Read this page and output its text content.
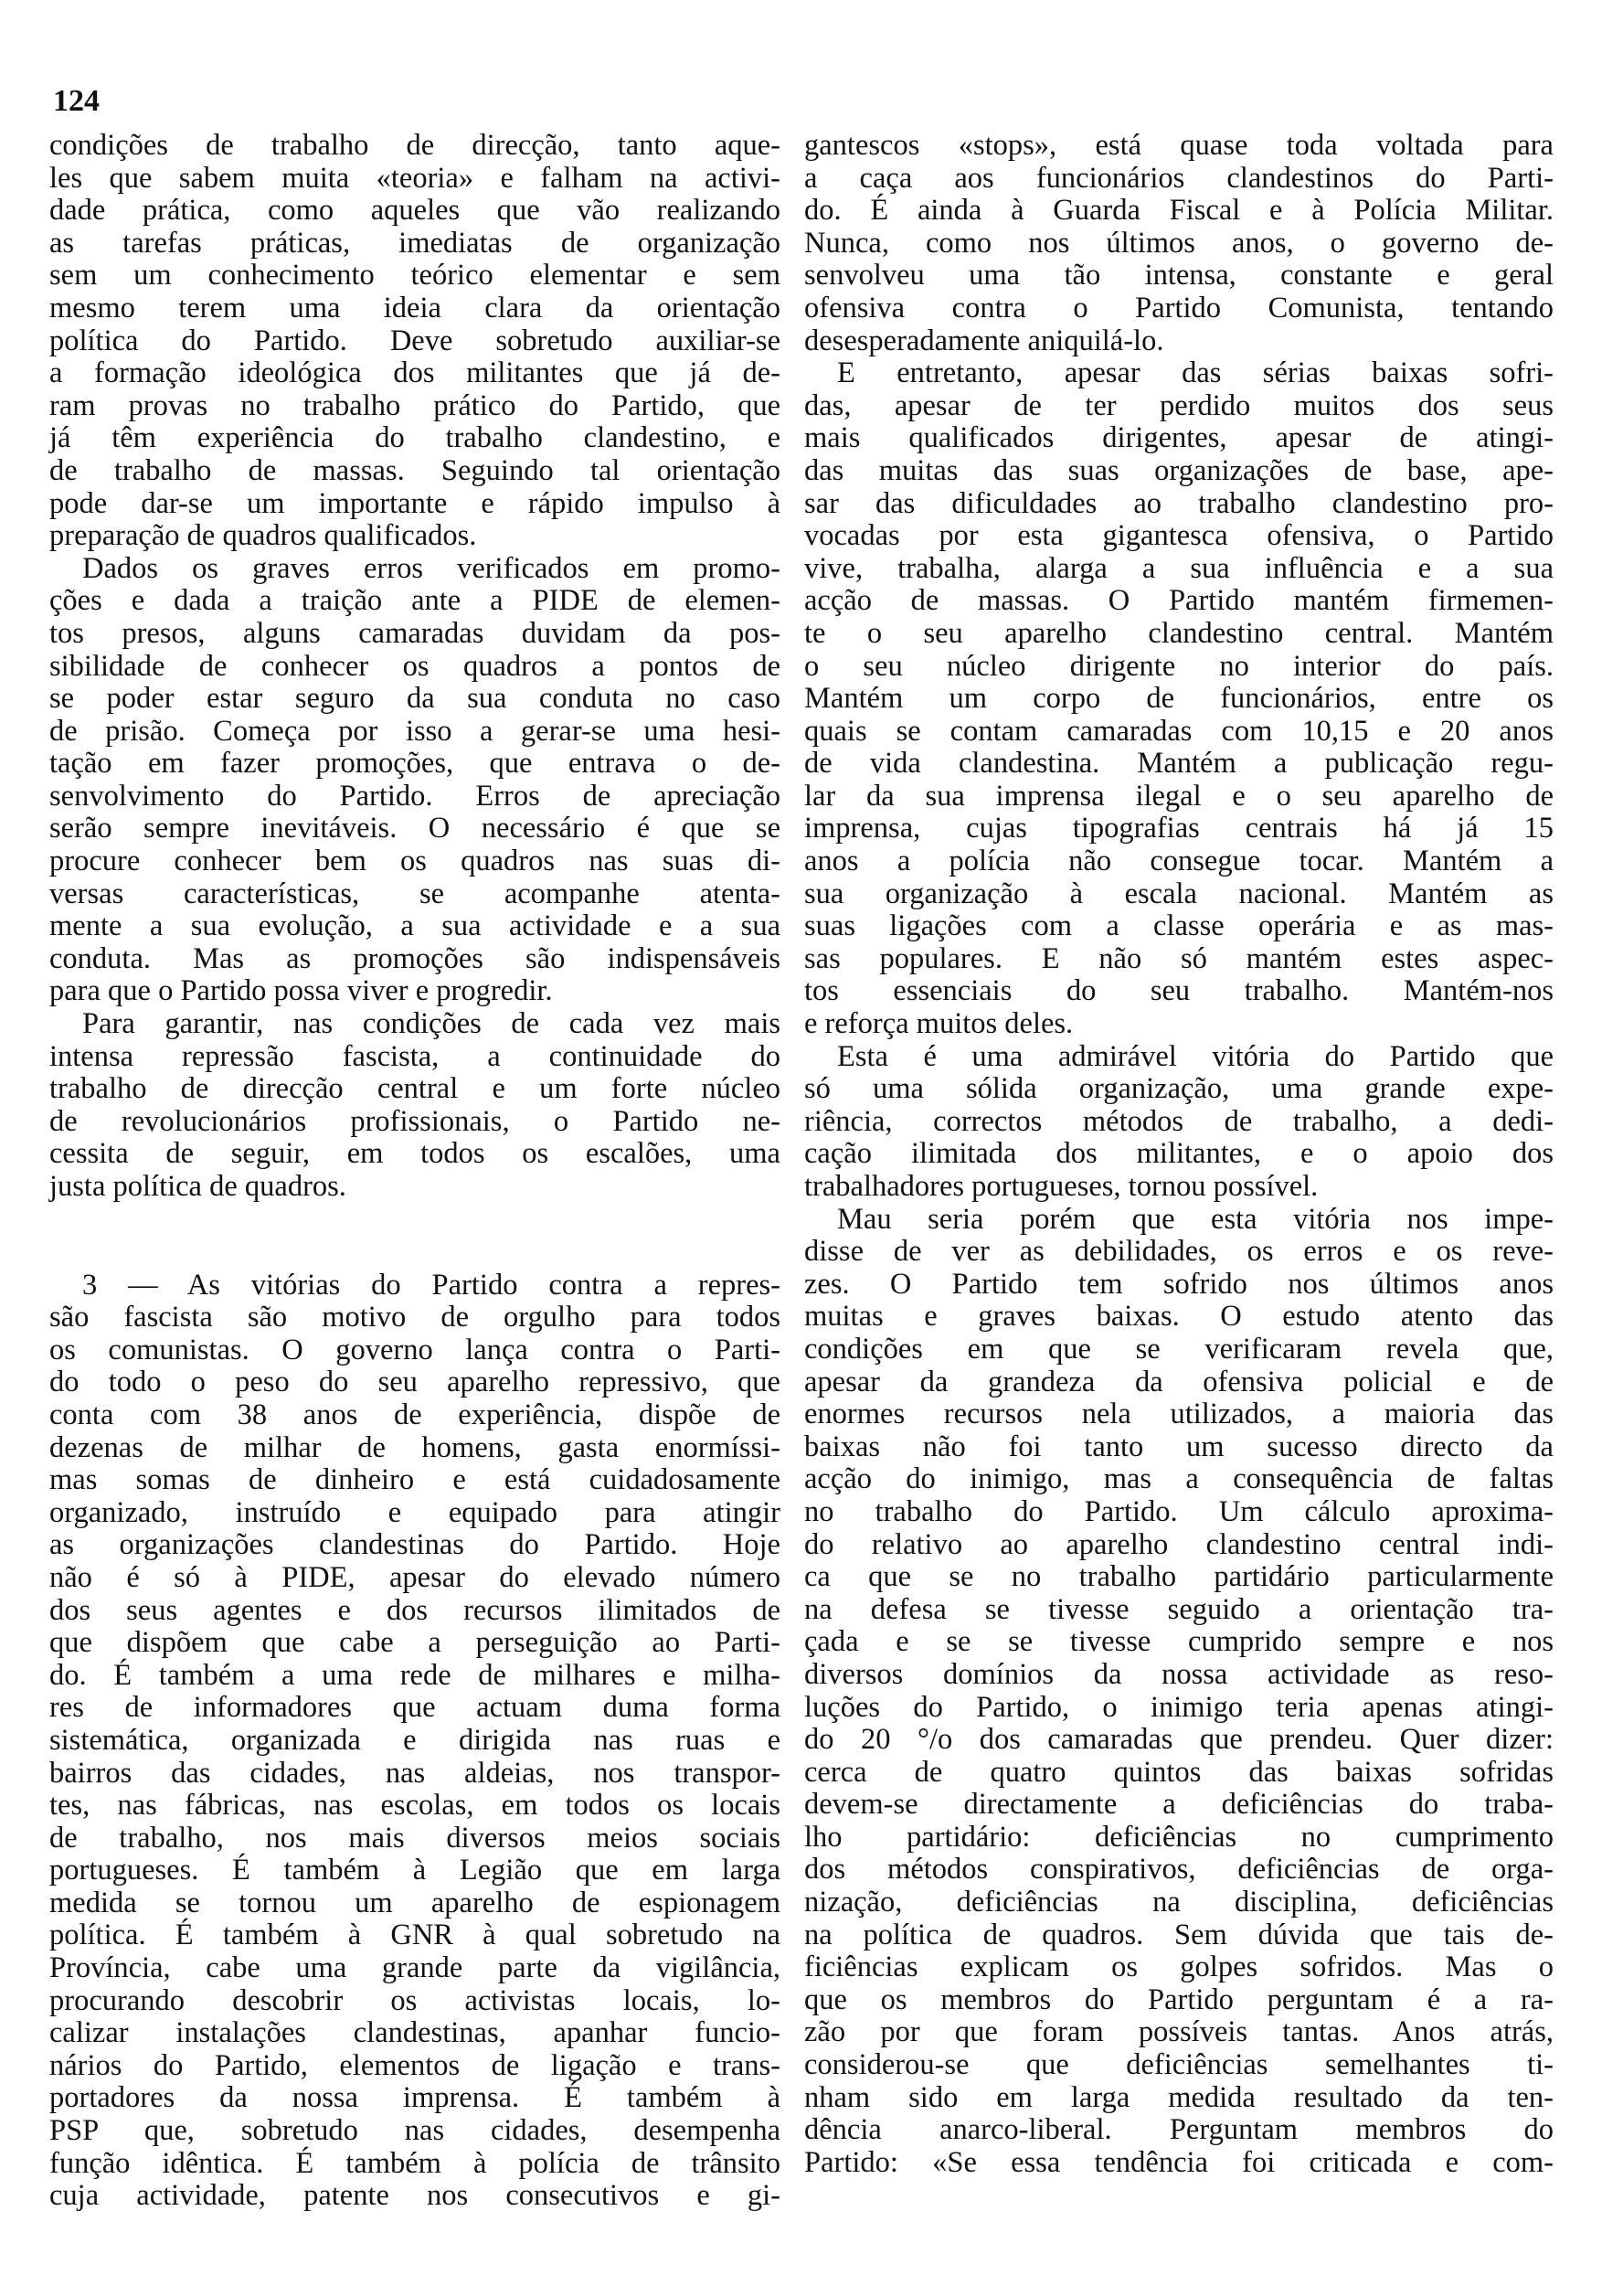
124
condições de trabalho de direcção, tanto aque-
les que sabem muita «teoria» e falham na activi-
dade prática, como aqueles que vão realizando
as tarefas práticas, imediatas de organização
sem um conhecimento teórico elementar e sem
mesmo terem uma ideia clara da orientação
política do Partido. Deve sobretudo auxiliar-se
a formação ideológica dos militantes que já de-
ram provas no trabalho prático do Partido, que
já têm experiência do trabalho clandestino, e
de trabalho de massas. Seguindo tal orientação
pode dar-se um importante e rápido impulso à
preparação de quadros qualificados.
Dados os graves erros verificados em promo-
ções e dada a traição ante a PIDE de elemen-
tos presos, alguns camaradas duvidam da pos-
sibilidade de conhecer os quadros a pontos de
se poder estar seguro da sua conduta no caso
de prisão. Começa por isso a gerar-se uma hesi-
tação em fazer promoções, que entrava o de-
senvolvimento do Partido. Erros de apreciação
serão sempre inevitáveis. O necessário é que se
procure conhecer bem os quadros nas suas di-
versas características, se acompanhe atenta-
mente a sua evolução, a sua actividade e a sua
conduta. Mas as promoções são indispensáveis
para que o Partido possa viver e progredir.
Para garantir, nas condições de cada vez mais
intensa repressão fascista, a continuidade do
trabalho de direcção central e um forte núcleo
de revolucionários profissionais, o Partido ne-
cessita de seguir, em todos os escalões, uma
justa política de quadros.
3 — As vitórias do Partido contra a repres-
são fascista são motivo de orgulho para todos
os comunistas. O governo lança contra o Parti-
do todo o peso do seu aparelho repressivo, que
conta com 38 anos de experiência, dispõe de
dezenas de milhar de homens, gasta enormíssi-
mas somas de dinheiro e está cuidadosamente
organizado, instruído e equipado para atingir
as organizações clandestinas do Partido. Hoje
não é só à PIDE, apesar do elevado número
dos seus agentes e dos recursos ilimitados de
que dispõem que cabe a perseguição ao Parti-
do. É também a uma rede de milhares e milha-
res de informadores que actuam duma forma
sistemática, organizada e dirigida nas ruas e
bairros das cidades, nas aldeias, nos transpor-
tes, nas fábricas, nas escolas, em todos os locais
de trabalho, nos mais diversos meios sociais
portugueses. É também à Legião que em larga
medida se tornou um aparelho de espionagem
política. É também à GNR à qual sobretudo na
Província, cabe uma grande parte da vigilância,
procurando descobrir os activistas locais, lo-
calizar instalações clandestinas, apanhar funcio-
nários do Partido, elementos de ligação e trans-
portadores da nossa imprensa. É também à
PSP que, sobretudo nas cidades, desempenha
função idêntica. É também à polícia de trânsito
cuja actividade, patente nos consecutivos e gi-
gantescos «stops», está quase toda voltada para
a caça aos funcionários clandestinos do Parti-
do. É ainda à Guarda Fiscal e à Polícia Militar.
Nunca, como nos últimos anos, o governo de-
senvolveu uma tão intensa, constante e geral
ofensiva contra o Partido Comunista, tentando
desesperadamente aniquilá-lo.
E entretanto, apesar das sérias baixas sofri-
das, apesar de ter perdido muitos dos seus
mais qualificados dirigentes, apesar de atingi-
das muitas das suas organizações de base, ape-
sar das dificuldades ao trabalho clandestino pro-
vocadas por esta gigantesca ofensiva, o Partido
vive, trabalha, alarga a sua influência e a sua
acção de massas. O Partido mantém firmemen-
te o seu aparelho clandestino central. Mantém
o seu núcleo dirigente no interior do país.
Mantém um corpo de funcionários, entre os
quais se contam camaradas com 10,15 e 20 anos
de vida clandestina. Mantém a publicação regu-
lar da sua imprensa ilegal e o seu aparelho de
imprensa, cujas tipografias centrais há já 15
anos a polícia não consegue tocar. Mantém a
sua organização à escala nacional. Mantém as
suas ligações com a classe operária e as mas-
sas populares. E não só mantém estes aspec-
tos essenciais do seu trabalho. Mantém-nos
e reforça muitos deles.
Esta é uma admirável vitória do Partido que
só uma sólida organização, uma grande expe-
riência, correctos métodos de trabalho, a dedi-
cação ilimitada dos militantes, e o apoio dos
trabalhadores portugueses, tornou possível.
Mau seria porém que esta vitória nos impe-
disse de ver as debilidades, os erros e os reve-
zes. O Partido tem sofrido nos últimos anos
muitas e graves baixas. O estudo atento das
condições em que se verificaram revela que,
apesar da grandeza da ofensiva policial e de
enormes recursos nela utilizados, a maioria das
baixas não foi tanto um sucesso directo da
acção do inimigo, mas a consequência de faltas
no trabalho do Partido. Um cálculo aproxima-
do relativo ao aparelho clandestino central indi-
ca que se no trabalho partidário particularmente
na defesa se tivesse seguido a orientação tra-
çada e se se tivesse cumprido sempre e nos
diversos domínios da nossa actividade as reso-
luções do Partido, o inimigo teria apenas atingi-
do 20 °/o dos camaradas que prendeu. Quer dizer:
cerca de quatro quintos das baixas sofridas
devem-se directamente a deficiências do traba-
lho partidário: deficiências no cumprimento
dos métodos conspirativos, deficiências de orga-
nização, deficiências na disciplina, deficiências
na política de quadros. Sem dúvida que tais de-
ficiências explicam os golpes sofridos. Mas o
que os membros do Partido perguntam é a ra-
zão por que foram possíveis tantas. Anos atrás,
considerou-se que deficiências semelhantes ti-
nham sido em larga medida resultado da ten-
dência anarco-liberal. Perguntam membros do
Partido: «Se essa tendência foi criticada e com-
